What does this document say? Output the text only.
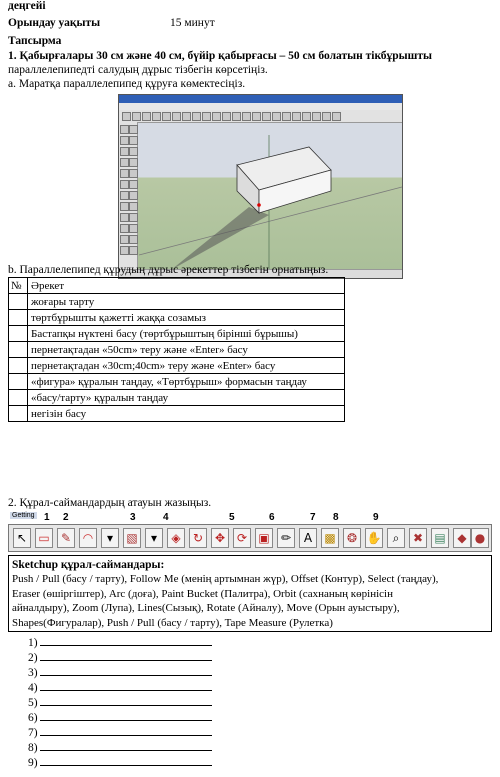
деңгейі
Орындау уақыты	15 минут
Тапсырма
1. Қабырғалары 30 см және 40 см, бүйір қабырғасы – 50 см болатын тікбұрышты
параллелепипедті салудың дұрыс тізбегін көрсетіңіз.
a. Маратқа параллелепипед құруға көмектесіңіз.
b. Параллелепипед құрудың дұрыс әрекеттер тізбегін орнатыңыз.
№	Әрекет
	жоғары тарту
	төртбұрышты қажетті жаққа созамыз
	Бастапқы нүктені басу (төртбұрыштың бірінші бұрышы)
	пернетақтадан «50cm» теру және «Enter» басу
	пернетақтадан «30cm;40cm» теру және «Enter» басу
	«фигура» құралын таңдау, «Төртбұрыш» формасын таңдау
	«басу/тарту» құралын таңдау
	негізін басу
2. Құрал-саймандардың атауын жазыңыз.
Getting 1 2	3	4	5	6	7 8	9
↖ ▭ ✎ ◠	▾	▧	▾	◈	↻ ✥ ⟳ ▣ ✏	A	▩ ❂ ✋ ⌕	✖ ▤ ◆ ●
Sketchup құрал-саймандары:
Push / Pull (басу / тарту), Follow Me (менің артымнан жүр), Offset (Контур), Select (таңдау),
Eraser (өшіргіштер), Arc (доға), Paint Bucket (Палитра), Orbit (сахнаның көрінісін
айналдыру), Zoom (Лупа), Lines(Сызық), Rotate (Айналу), Move (Орын ауыстыру),
Shapes(Фигуралар), Push / Pull (басу / тарту), Tape Measure (Рулетка)
1)
2)
3)
4)
5)
6)
7)
8)
9)
